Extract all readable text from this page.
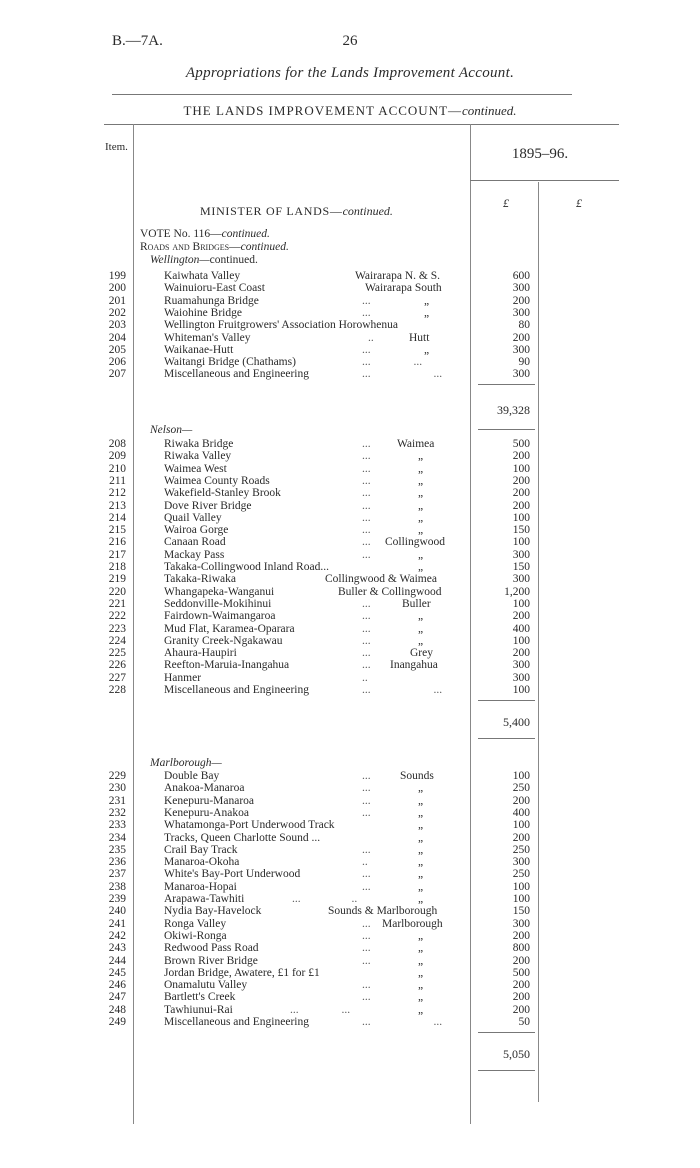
B.—7A.	26
Appropriations for the Lands Improvement Account.
THE LANDS IMPROVEMENT ACCOUNT—continued.
Item.	1895–96.
£	£
MINISTER OF LANDS—continued.
VOTE No. 116—continued.
Roads and Bridges—continued.
Wellington—continued.
199	Kaiwhata Valley	Wairarapa N. & S.	600
200	Wainuioru-East Coast	Wairarapa South	300
201	Ruamahunga Bridge	...	„	200
202	Waiohine Bridge	...	„	300
203	Wellington Fruitgrowers' Association Horowhenua	80
204	Whiteman's Valley	..	Hutt	200
205	Waikanae-Hutt	...	„	300
206	Waitangi Bridge (Chathams)	... ...	90
207	Miscellaneous and Engineering	... ...	300
39,328
Nelson—
208	Riwaka Bridge	... Waimea	500
209	Riwaka Valley	...	„	200
210	Waimea West	...	„	100
211	Waimea County Roads	...	„	200
212	Wakefield-Stanley Brook	...	„	200
213	Dove River Bridge	...	„	200
214	Quail Valley	...	„	100
215	Wairoa Gorge	...	„	150
216	Canaan Road	... Collingwood	100
217	Mackay Pass	...	„	300
218	Takaka-Collingwood Inland Road...	„	150
219	Takaka-Riwaka	Collingwood & Waimea	300
220	Whangapeka-Wanganui	Buller & Collingwood	1,200
221	Seddonville-Mokihinui	...	Buller	100
222	Fairdown-Waimangaroa	...	„	200
223	Mud Flat, Karamea-Oparara	...	„	400
224	Granity Creek-Ngakawau	...	„	100
225	Ahaura-Haupiri	...	Grey	200
226	Reefton-Maruia-Inangahua	... Inangahua	300
227	Hanmer	..	300
228	Miscellaneous and Engineering	... ...	100
5,400
Marlborough—
229	Double Bay	...	Sounds	100
230	Anakoa-Manaroa	...	„	250
231	Kenepuru-Manaroa	...	„	200
232	Kenepuru-Anakoa	...	„	400
233	Whatamonga-Port Underwood Track	„	100
234	Tracks, Queen Charlotte Sound ...	„	200
235	Crail Bay Track	...	„	250
236	Manaroa-Okoha	..	„	300
237	White's Bay-Port Underwood	...	„	250
238	Manaroa-Hopai	...	„	100
239	Arapawa-Tawhiti	... ..	„	100
240	Nydia Bay-Havelock	Sounds & Marlborough	150
241	Ronga Valley	... Marlborough	300
242	Okiwi-Ronga	...	„	200
243	Redwood Pass Road	...	„	800
244	Brown River Bridge	...	„	200
245	Jordan Bridge, Awatere, £1 for £1	„	500
246	Onamalutu Valley	...	„	200
247	Bartlett's Creek	...	„	200
248	Tawhiunui-Rai	... ...	„	200
249	Miscellaneous and Engineering	... ...	50
5,050
